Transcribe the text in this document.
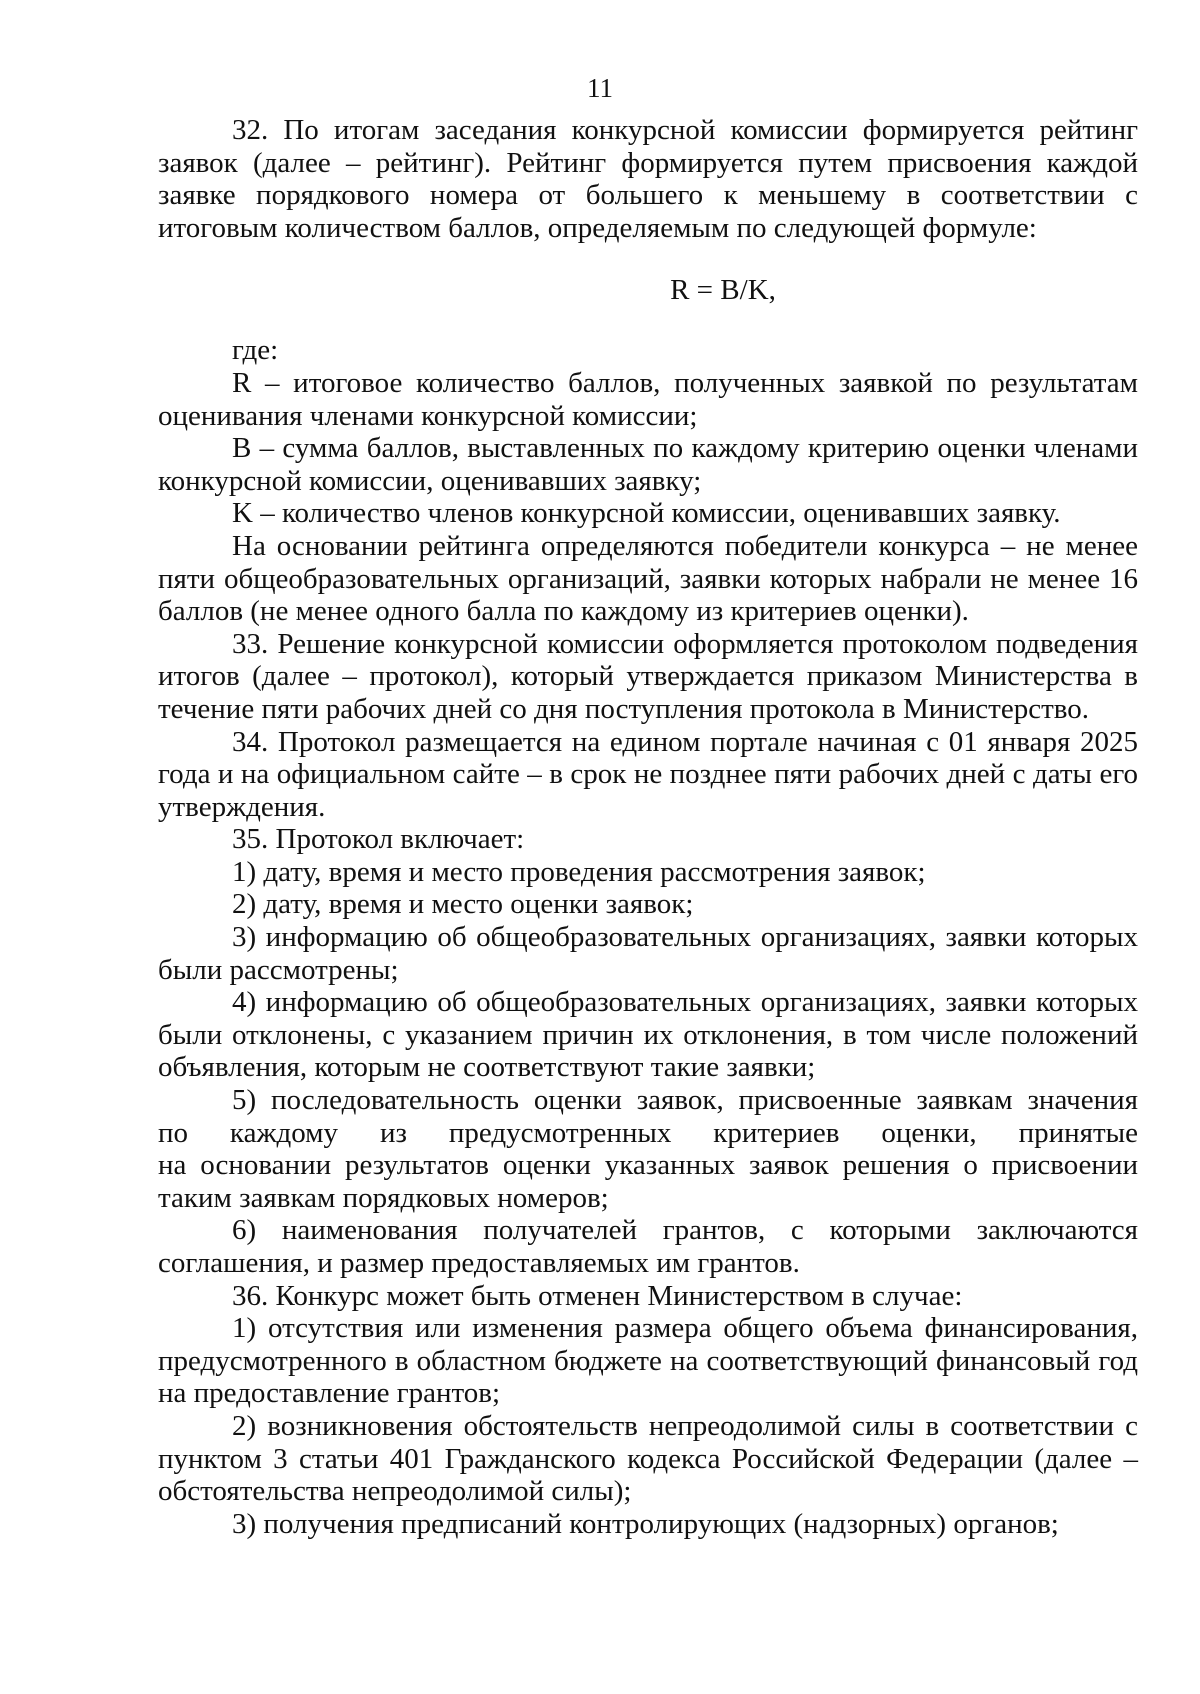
11

32. По итогам заседания конкурсной комиссии формируется рейтинг заявок (далее – рейтинг). Рейтинг формируется путем присвоения каждой заявке порядкового номера от большего к меньшему в соответствии с итоговым количеством баллов, определяемым по следующей формуле:

R = B/K,

где:

R – итоговое количество баллов, полученных заявкой по результатам оценивания членами конкурсной комиссии;

B – сумма баллов, выставленных по каждому критерию оценки членами конкурсной комиссии, оценивавших заявку;

K – количество членов конкурсной комиссии, оценивавших заявку.

На основании рейтинга определяются победители конкурса – не менее пяти общеобразовательных организаций, заявки которых набрали не менее 16 баллов (не менее одного балла по каждому из критериев оценки).

33. Решение конкурсной комиссии оформляется протоколом подведения итогов (далее – протокол), который утверждается приказом Министерства в течение пяти рабочих дней со дня поступления протокола в Министерство.

34. Протокол размещается на едином портале начиная с 01 января 2025 года и на официальном сайте – в срок не позднее пяти рабочих дней с даты его утверждения.

35. Протокол включает:

1) дату, время и место проведения рассмотрения заявок;

2) дату, время и место оценки заявок;

3) информацию об общеобразовательных организациях, заявки которых были рассмотрены;

4) информацию об общеобразовательных организациях, заявки которых были отклонены, с указанием причин их отклонения, в том числе положений объявления, которым не соответствуют такие заявки;

5) последовательность оценки заявок, присвоенные заявкам значения

по каждому из предусмотренных критериев оценки, принятые

на основании результатов оценки указанных заявок решения о присвоении таким заявкам порядковых номеров;

6) наименования получателей грантов, с которыми заключаются соглашения, и размер предоставляемых им грантов.

36. Конкурс может быть отменен Министерством в случае:

1) отсутствия или изменения размера общего объема финансирования, предусмотренного в областном бюджете на соответствующий финансовый год на предоставление грантов;

2) возникновения обстоятельств непреодолимой силы в соответствии с пунктом 3 статьи 401 Гражданского кодекса Российской Федерации (далее – обстоятельства непреодолимой силы);

3) получения предписаний контролирующих (надзорных) органов;
